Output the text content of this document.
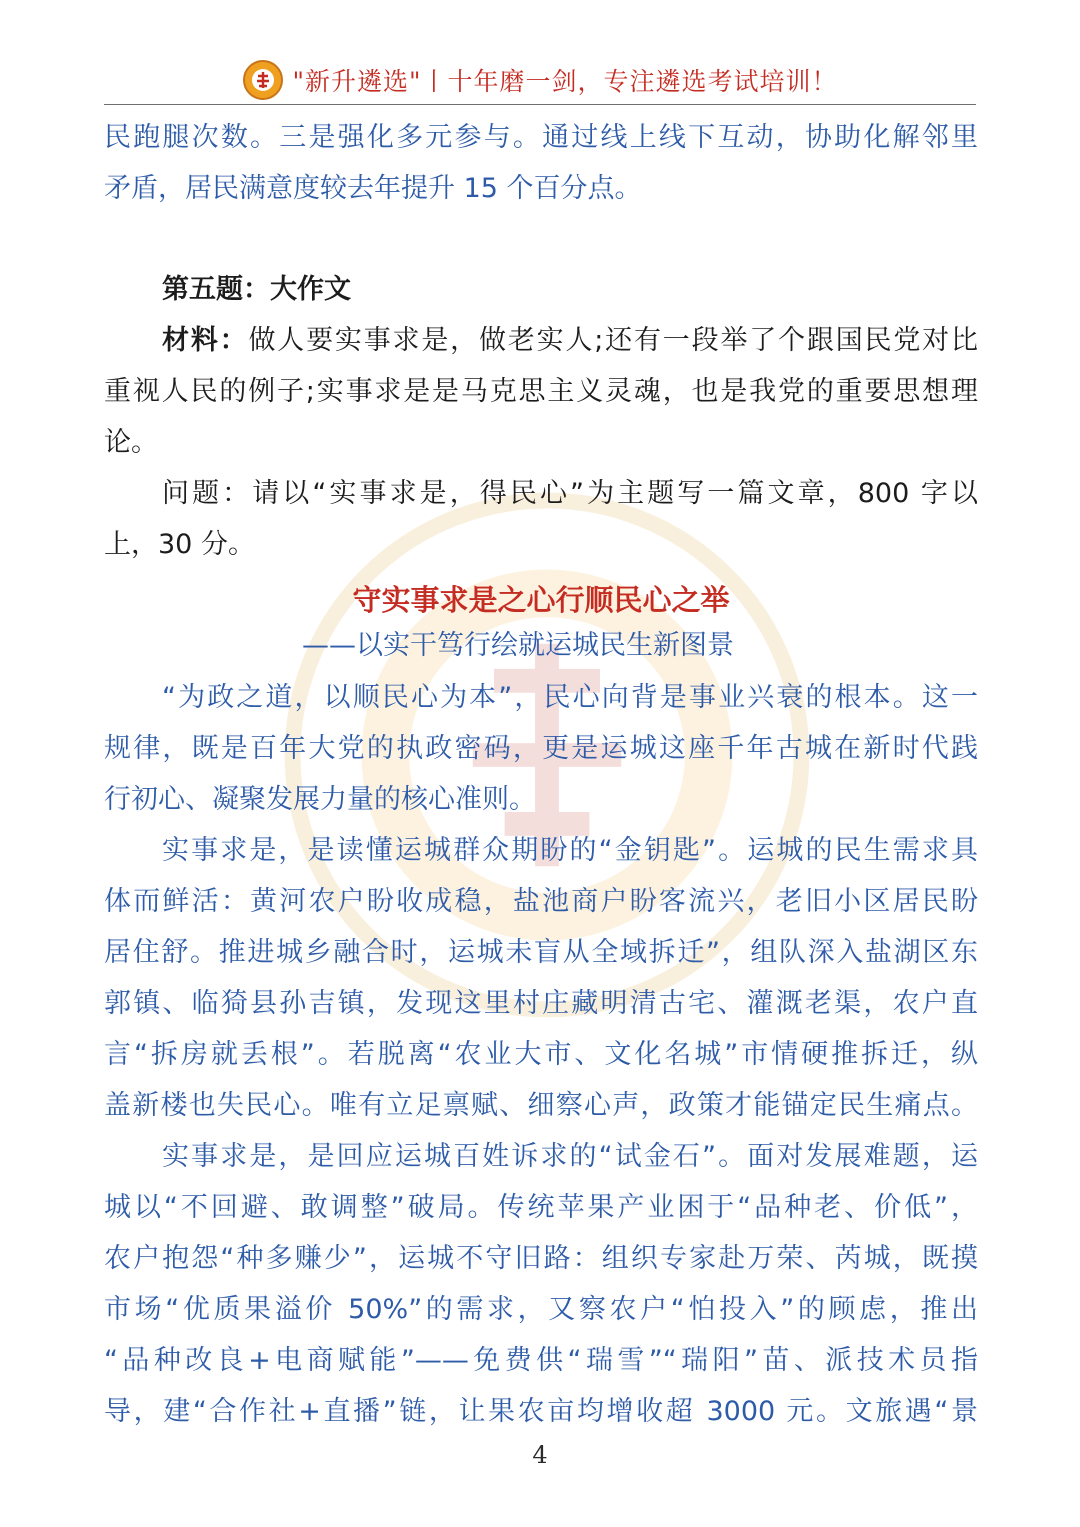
"新升遴选"丨十年磨一剑，专注遴选考试培训！
民跑腿次数。三是强化多元参与。通过线上线下互动，协助化解邻里
矛盾，居民满意度较去年提升 15 个百分点。
第五题：大作文
材料：做人要实事求是，做老实人;还有一段举了个跟国民党对比
重视人民的例子;实事求是是马克思主义灵魂，也是我党的重要思想理
论。
问题：请以“实事求是，得民心”为主题写一篇文章，800 字以
上，30 分。
守实事求是之心行顺民心之举
——以实干笃行绘就运城民生新图景
“为政之道，以顺民心为本”，民心向背是事业兴衰的根本。这一
规律，既是百年大党的执政密码，更是运城这座千年古城在新时代践
行初心、凝聚发展力量的核心准则。
实事求是，是读懂运城群众期盼的“金钥匙”。运城的民生需求具
体而鲜活：黄河农户盼收成稳，盐池商户盼客流兴，老旧小区居民盼
居住舒。推进城乡融合时，运城未盲从全域拆迁”，组队深入盐湖区东
郭镇、临猗县孙吉镇，发现这里村庄藏明清古宅、灌溉老渠，农户直
言“拆房就丢根”。若脱离“农业大市、文化名城”市情硬推拆迁，纵
盖新楼也失民心。唯有立足禀赋、细察心声，政策才能锚定民生痛点。
实事求是，是回应运城百姓诉求的“试金石”。面对发展难题，运
城以“不回避、敢调整”破局。传统苹果产业困于“品种老、价低”，
农户抱怨“种多赚少”，运城不守旧路：组织专家赴万荣、芮城，既摸
市场“优质果溢价 50%”的需求，又察农户“怕投入”的顾虑，推出
“品种改良+电商赋能”——免费供“瑞雪”“瑞阳”苗、派技术员指
导，建“合作社+直播”链，让果农亩均增收超 3000 元。文旅遇“景
4
